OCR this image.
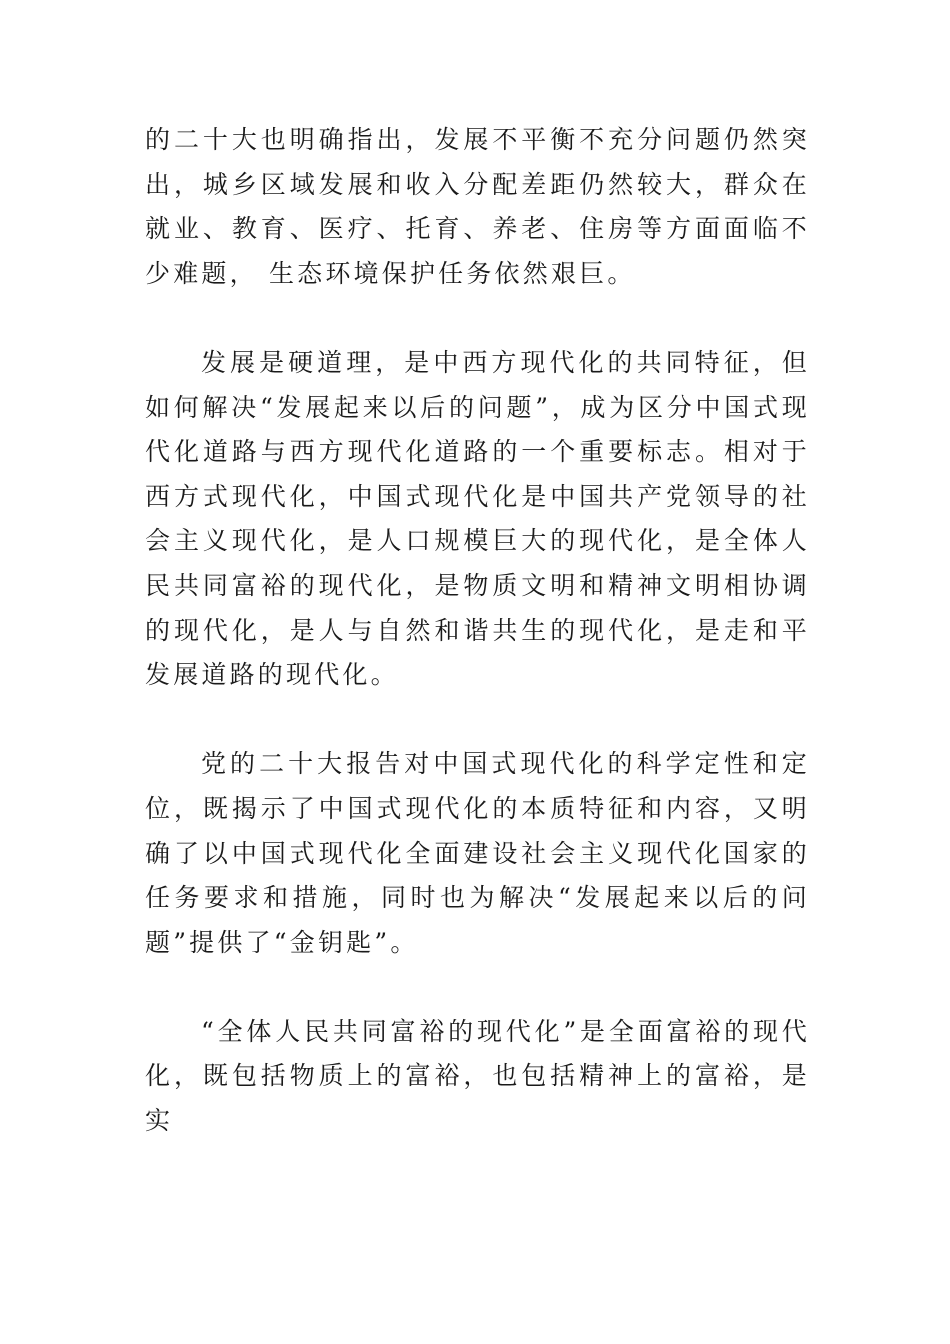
的二十大也明确指出，发展不平衡不充分问题仍然突出，城乡区域发展和收入分配差距仍然较大，群众在就业、教育、医疗、托育、养老、住房等方面面临不少难题， 生态环境保护任务依然艰巨。

发展是硬道理，是中西方现代化的共同特征，但如何解决“发展起来以后的问题”，成为区分中国式现代化道路与西方现代化道路的一个重要标志。相对于西方式现代化，中国式现代化是中国共产党领导的社会主义现代化，是人口规模巨大的现代化，是全体人民共同富裕的现代化，是物质文明和精神文明相协调的现代化，是人与自然和谐共生的现代化，是走和平发展道路的现代化。

党的二十大报告对中国式现代化的科学定性和定位，既揭示了中国式现代化的本质特征和内容，又明确了以中国式现代化全面建设社会主义现代化国家的任务要求和措施，同时也为解决“发展起来以后的问题”提供了“金钥匙”。

“全体人民共同富裕的现代化”是全面富裕的现代化，既包括物质上的富裕，也包括精神上的富裕，是实
